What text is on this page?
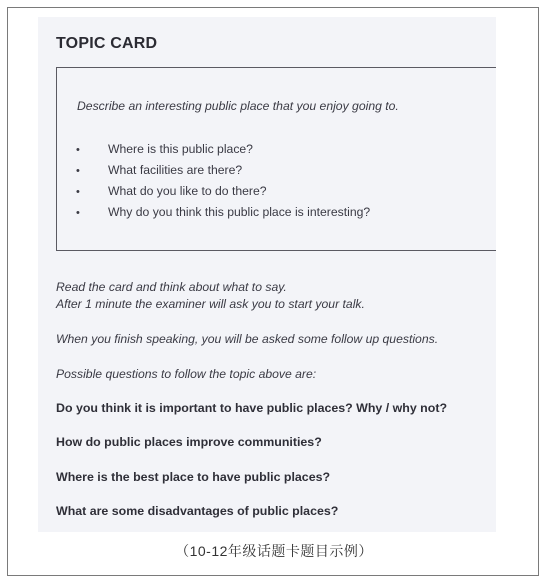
TOPIC CARD

Describe an interesting public place that you enjoy going to.

• Where is this public place?
• What facilities are there?
• What do you like to do there?
• Why do you think this public place is interesting?

Read the card and think about what to say.

After 1 minute the examiner will ask you to start your talk.

When you finish speaking, you will be asked some follow up questions.

Possible questions to follow the topic above are:

Do you think it is important to have public places? Why / why not?

How do public places improve communities?

Where is the best place to have public places?

What are some disadvantages of public places?

（10-12年级话题卡题目示例）
